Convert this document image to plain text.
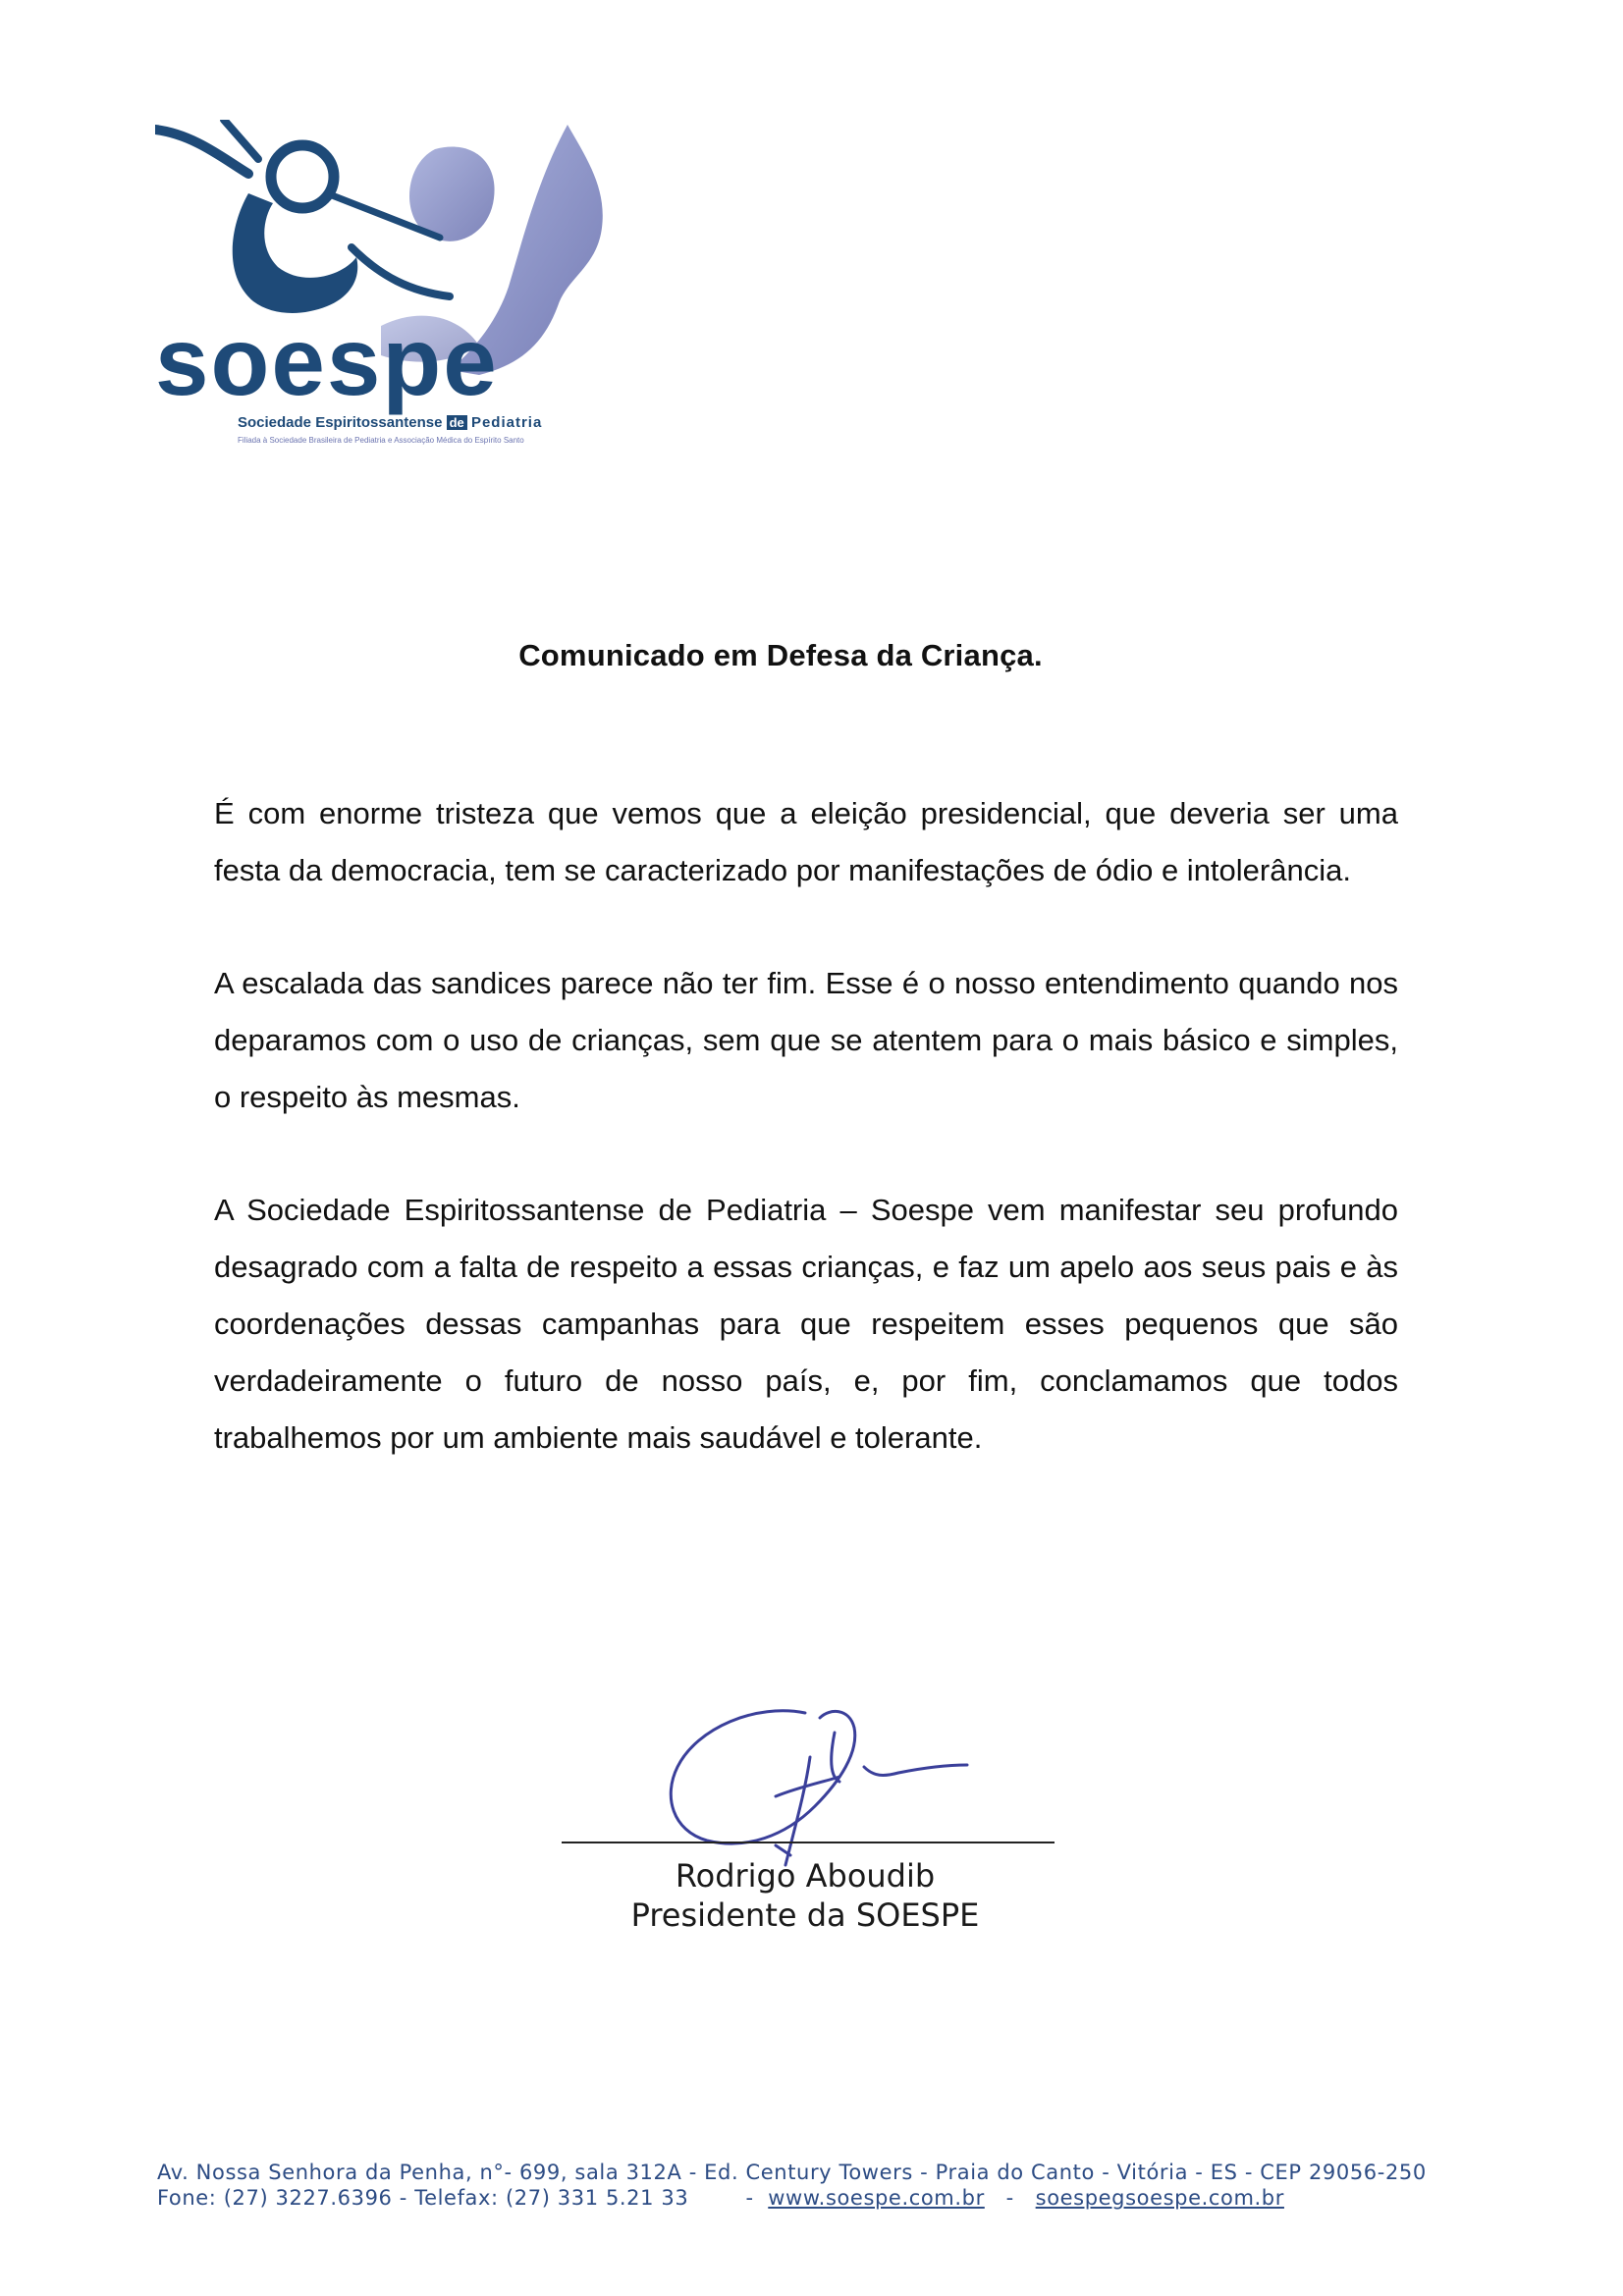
soespe
Sociedade Espiritossantense de Pediatria
Filiada à Sociedade Brasileira de Pediatria e Associação Médica do Espírito Santo
Comunicado em Defesa da Criança.

É com enorme tristeza que vemos que a eleição presidencial, que deveria ser uma festa da democracia, tem se caracterizado por manifestações de ódio e intolerância.

A escalada das sandices parece não ter fim. Esse é o nosso entendimento quando nos deparamos com o uso de crianças, sem que se atentem para o mais básico e simples, o respeito às mesmas.

A Sociedade Espiritossantense de Pediatria – Soespe vem manifestar seu profundo desagrado com a falta de respeito a essas crianças, e faz um apelo aos seus pais e às coordenações dessas campanhas para que respeitem esses pequenos que são verdadeiramente o futuro de nosso país, e, por fim, conclamamos que todos trabalhemos por um ambiente mais saudável e tolerante.

Rodrigo Aboudib
Presidente da SOESPE
Av. Nossa Senhora da Penha, n°- 699, sala 312A - Ed. Century Towers - Praia do Canto - Vitória - ES - CEP 29056-250
Fone: (27) 3227.6396 - Telefax: (27) 331 5.21 33	- www.soespe.com.br - soespegsoespe.com.br
